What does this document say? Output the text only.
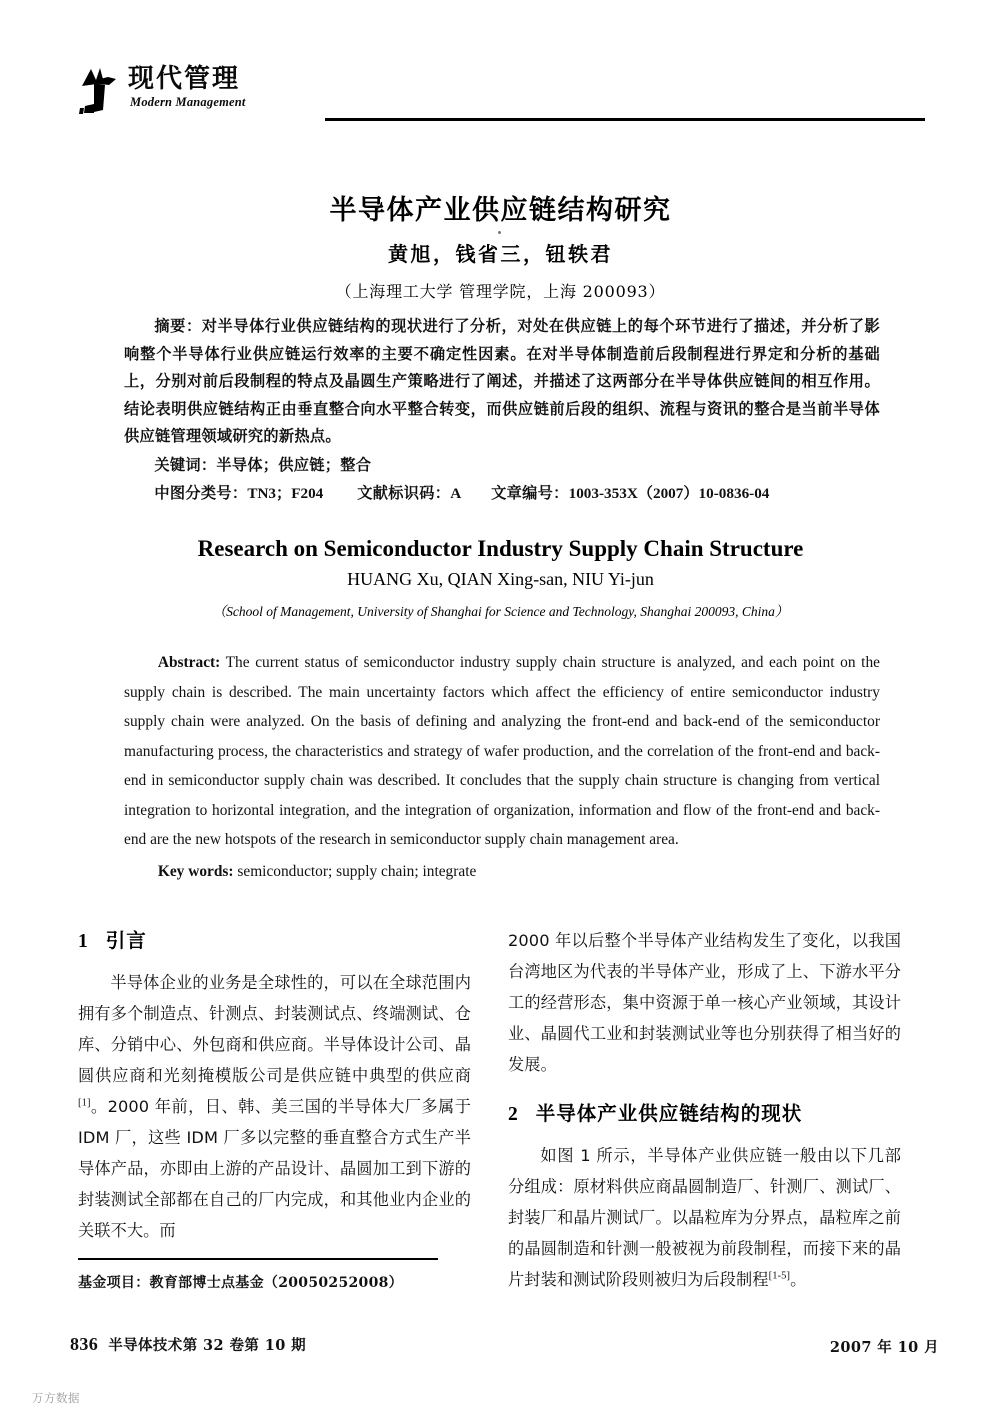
现代管理
Modern Management
半导体产业供应链结构研究
黄旭，钱省三，钮轶君
（上海理工大学 管理学院，上海 200093）
摘要：对半导体行业供应链结构的现状进行了分析，对处在供应链上的每个环节进行了描述，并分析了影响整个半导体行业供应链运行效率的主要不确定性因素。在对半导体制造前后段制程进行界定和分析的基础上，分别对前后段制程的特点及晶圆生产策略进行了阐述，并描述了这两部分在半导体供应链间的相互作用。结论表明供应链结构正由垂直整合向水平整合转变，而供应链前后段的组织、流程与资讯的整合是当前半导体供应链管理领域研究的新热点。
关键词：半导体；供应链；整合
中图分类号： TN3；F204 文献标识码： A 文章编号： 1003-353X（2007）10-0836-04
Research on Semiconductor Industry Supply Chain Structure
HUANG Xu, QIAN Xing-san, NIU Yi-jun
（School of Management, University of Shanghai for Science and Technology, Shanghai 200093, China）
Abstract: The current status of semiconductor industry supply chain structure is analyzed, and each point on the supply chain is described. The main uncertainty factors which affect the efficiency of entire semiconductor industry supply chain were analyzed. On the basis of defining and analyzing the front-end and back-end of the semiconductor manufacturing process, the characteristics and strategy of wafer production, and the correlation of the front-end and back-end in semiconductor supply chain was described. It concludes that the supply chain structure is changing from vertical integration to horizontal integration, and the integration of organization, information and flow of the front-end and back-end are the new hotspots of the research in semiconductor supply chain management area.
Key words: semiconductor; supply chain; integrate
1 引言

半导体企业的业务是全球性的，可以在全球范围内拥有多个制造点、针测点、封装测试点、终端测试、仓库、分销中心、外包商和供应商。半导体设计公司、晶圆供应商和光刻掩模版公司是供应链中典型的供应商[1]。2000 年前，日、韩、美三国的半导体大厂多属于 IDM 厂，这些 IDM 厂多以完整的垂直整合方式生产半导体产品，亦即由上游的产品设计、晶圆加工到下游的封装测试全部都在自己的厂内完成，和其他业内企业的关联不大。而

2000 年以后整个半导体产业结构发生了变化，以我国台湾地区为代表的半导体产业，形成了上、下游水平分工的经营形态，集中资源于单一核心产业领域，其设计业、晶圆代工业和封装测试业等也分别获得了相当好的发展。

2 半导体产业供应链结构的现状

如图 1 所示，半导体产业供应链一般由以下几部分组成：原材料供应商晶圆制造厂、针测厂、测试厂、封装厂和晶片测试厂。以晶粒库为分界点，晶粒库之前的晶圆制造和针测一般被视为前段制程，而接下来的晶片封装和测试阶段则被归为后段制程[1-5]。

基金项目：教育部博士点基金（20050252008）
836 半导体技术第 32 卷第 10 期	2007 年 10 月
万方数据
